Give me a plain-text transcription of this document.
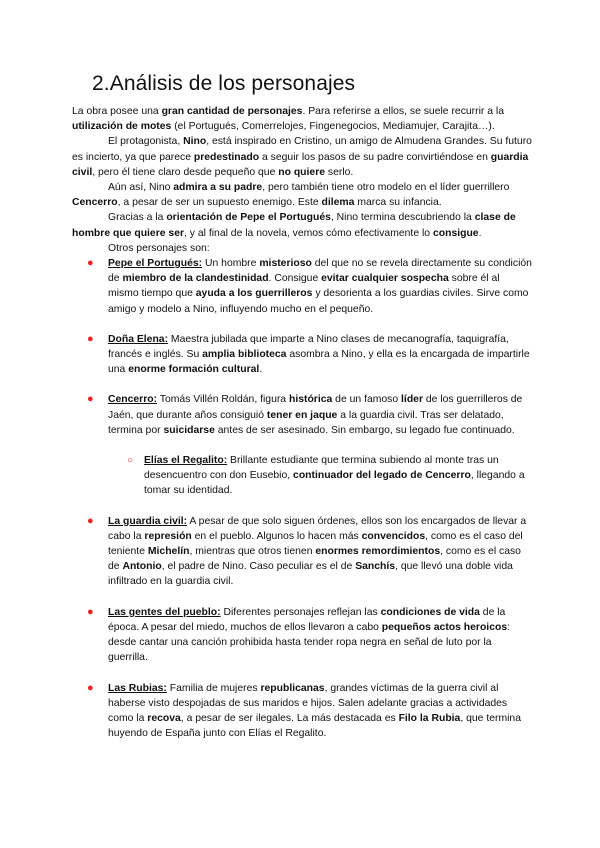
2.Análisis de los personajes

La obra posee una gran cantidad de personajes. Para referirse a ellos, se suele recurrir a la utilización de motes (el Portugués, Comerrelojes, Fingenegocios, Mediamujer, Carajita…).

El protagonista, Nino, está inspirado en Cristino, un amigo de Almudena Grandes. Su futuro es incierto, ya que parece predestinado a seguir los pasos de su padre convirtiéndose en guardia civil, pero él tiene claro desde pequeño que no quiere serlo.

Aún así, Nino admira a su padre, pero también tiene otro modelo en el líder guerrillero Cencerro, a pesar de ser un supuesto enemigo. Este dilema marca su infancia.

Gracias a la orientación de Pepe el Portugués, Nino termina descubriendo la clase de hombre que quiere ser, y al final de la novela, vemos cómo efectivamente lo consigue.

Otros personajes son:

● Pepe el Portugués: Un hombre misterioso del que no se revela directamente su condición de miembro de la clandestinidad. Consigue evitar cualquier sospecha sobre él al mismo tiempo que ayuda a los guerrilleros y desorienta a los guardias civiles. Sirve como amigo y modelo a Nino, influyendo mucho en el pequeño.
● Doña Elena: Maestra jubilada que imparte a Nino clases de mecanografía, taquigrafía, francés e inglés. Su amplia biblioteca asombra a Nino, y ella es la encargada de impartirle una enorme formación cultural.
● Cencerro: Tomás Villén Roldán, figura histórica de un famoso líder de los guerrilleros de Jaén, que durante años consiguió tener en jaque a la guardia civil. Tras ser delatado, termina por suicidarse antes de ser asesinado. Sin embargo, su legado fue continuado.
○ Elías el Regalito: Brillante estudiante que termina subiendo al monte tras un desencuentro con don Eusebio, continuador del legado de Cencerro, llegando a tomar su identidad.
● La guardia civil: A pesar de que solo siguen órdenes, ellos son los encargados de llevar a cabo la represión en el pueblo. Algunos lo hacen más convencidos, como es el caso del teniente Michelín, mientras que otros tienen enormes remordimientos, como es el caso de Antonio, el padre de Nino. Caso peculiar es el de Sanchís, que llevó una doble vida infiltrado en la guardia civil.
● Las gentes del pueblo: Diferentes personajes reflejan las condiciones de vida de la época. A pesar del miedo, muchos de ellos llevaron a cabo pequeños actos heroicos: desde cantar una canción prohibida hasta tender ropa negra en señal de luto por la guerrilla.
● Las Rubias: Familia de mujeres republicanas, grandes víctimas de la guerra civil al haberse visto despojadas de sus maridos e hijos. Salen adelante gracias a actividades como la recova, a pesar de ser ilegales. La más destacada es Filo la Rubia, que termina huyendo de España junto con Elías el Regalito.
